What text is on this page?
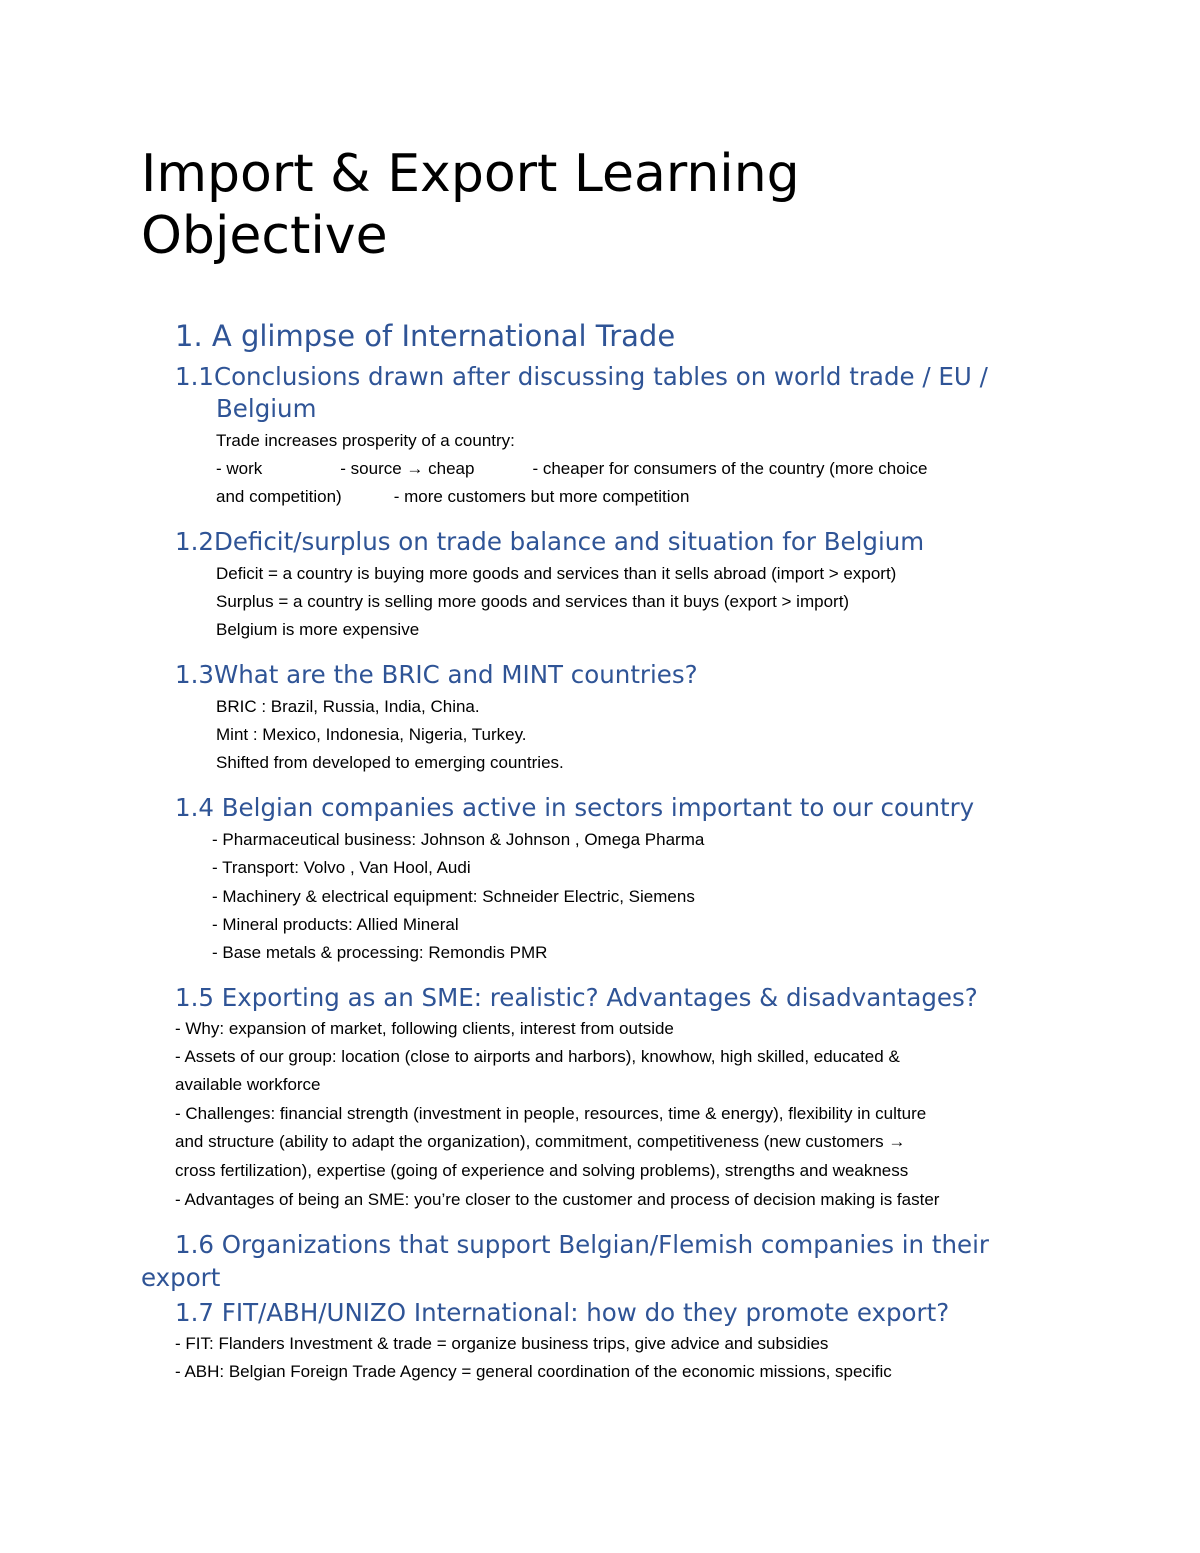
Import & Export Learning
Objective
1. A glimpse of International Trade
1.1Conclusions drawn after discussing tables on world trade / EU /
Belgium
Trade increases prosperity of a country:
- work	- source → cheap	- cheaper for consumers of the country (more choice
and competition)	- more customers but more competition
1.2Deficit/surplus on trade balance and situation for Belgium
Deficit = a country is buying more goods and services than it sells abroad (import > export)
Surplus = a country is selling more goods and services than it buys (export > import)
Belgium is more expensive
1.3What are the BRIC and MINT countries?
BRIC : Brazil, Russia, India, China.
Mint : Mexico, Indonesia, Nigeria, Turkey.
Shifted from developed to emerging countries.
1.4 Belgian companies active in sectors important to our country
- Pharmaceutical business: Johnson & Johnson , Omega Pharma
- Transport: Volvo , Van Hool, Audi
- Machinery & electrical equipment: Schneider Electric, Siemens
- Mineral products: Allied Mineral
- Base metals & processing: Remondis PMR
1.5 Exporting as an SME: realistic? Advantages & disadvantages?
- Why: expansion of market, following clients, interest from outside
- Assets of our group: location (close to airports and harbors), knowhow, high skilled, educated &
available workforce
- Challenges: financial strength (investment in people, resources, time & energy), flexibility in culture
and structure (ability to adapt the organization), commitment, competitiveness (new customers →
cross fertilization), expertise (going of experience and solving problems), strengths and weakness
- Advantages of being an SME: you’re closer to the customer and process of decision making is faster
1.6 Organizations that support Belgian/Flemish companies in their
export
1.7 FIT/ABH/UNIZO International: how do they promote export?
- FIT: Flanders Investment & trade = organize business trips, give advice and subsidies
- ABH: Belgian Foreign Trade Agency = general coordination of the economic missions, specific
